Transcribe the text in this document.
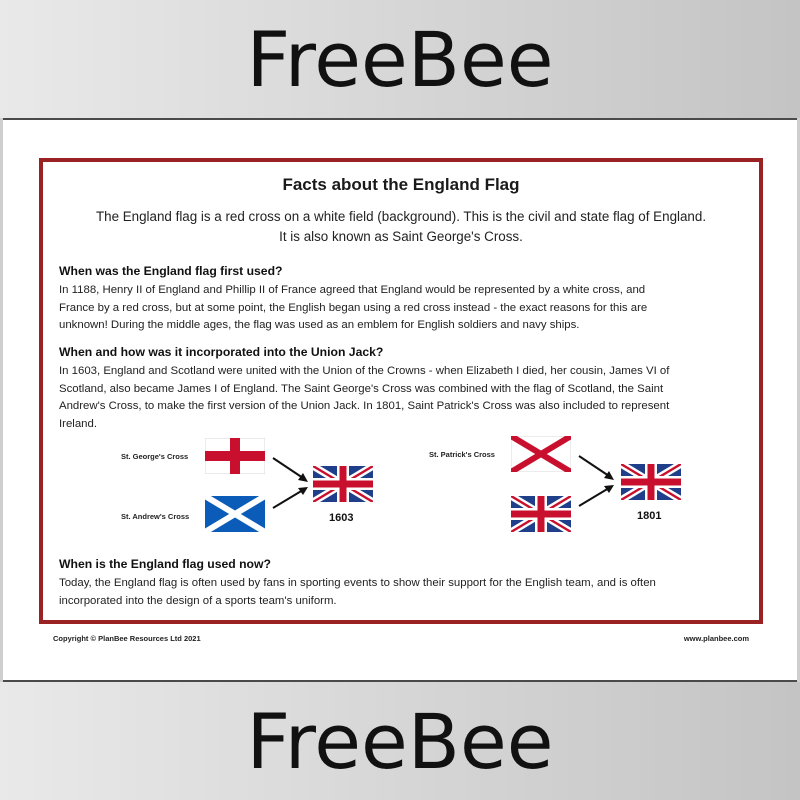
FreeBee
Facts about the England Flag
The England flag is a red cross on a white field (background). This is the civil and state flag of England.
It is also known as Saint George's Cross.
When was the England flag first used?
In 1188, Henry II of England and Phillip II of France agreed that England would be represented by a white cross, and
France by a red cross, but at some point, the English began using a red cross instead - the exact reasons for this are
unknown! During the middle ages, the flag was used as an emblem for English soldiers and navy ships.
When and how was it incorporated into the Union Jack?
In 1603, England and Scotland were united with the Union of the Crowns - when Elizabeth I died, her cousin, James VI of
Scotland, also became James I of England. The Saint George's Cross was combined with the flag of Scotland, the Saint
Andrew's Cross, to make the first version of the Union Jack. In 1801, Saint Patrick's Cross was also included to represent
Ireland.
St. George's Cross
St. Andrew's Cross	1603
St. Patrick's Cross
1801
When is the England flag used now?
Today, the England flag is often used by fans in sporting events to show their support for the English team, and is often
incorporated into the design of a sports team's uniform.
Copyright © PlanBee Resources Ltd 2021	www.planbee.com
FreeBee
